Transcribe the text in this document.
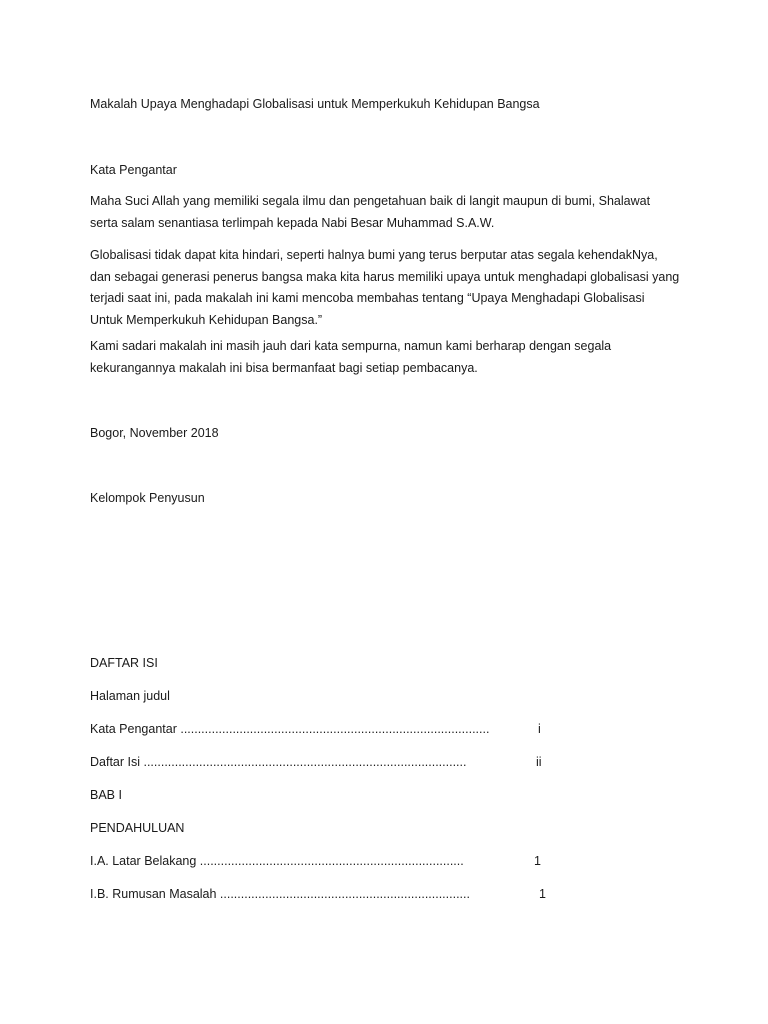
Makalah Upaya Menghadapi Globalisasi untuk Memperkukuh Kehidupan Bangsa
Kata Pengantar

Maha Suci Allah yang memiliki segala ilmu dan pengetahuan baik di langit maupun di bumi, Shalawat serta salam senantiasa terlimpah kepada Nabi Besar Muhammad S.A.W.

Globalisasi tidak dapat kita hindari, seperti halnya bumi yang terus berputar atas segala kehendakNya, dan sebagai generasi penerus bangsa maka kita harus memiliki upaya untuk menghadapi globalisasi yang terjadi saat ini, pada makalah ini kami mencoba membahas tentang “Upaya Menghadapi Globalisasi Untuk Memperkukuh Kehidupan Bangsa.”

Kami sadari makalah ini masih jauh dari kata sempurna, namun kami berharap dengan segala kekurangannya makalah ini bisa bermanfaat bagi setiap pembacanya.

Bogor, November 2018
Kelompok Penyusun
DAFTAR ISI
Halaman judul
Kata Pengantar .........................................................................................	i
Daftar Isi .............................................................................................	ii
BAB I
PENDAHULUAN
I.A. Latar Belakang ............................................................................	1
I.B. Rumusan Masalah ........................................................................	1
